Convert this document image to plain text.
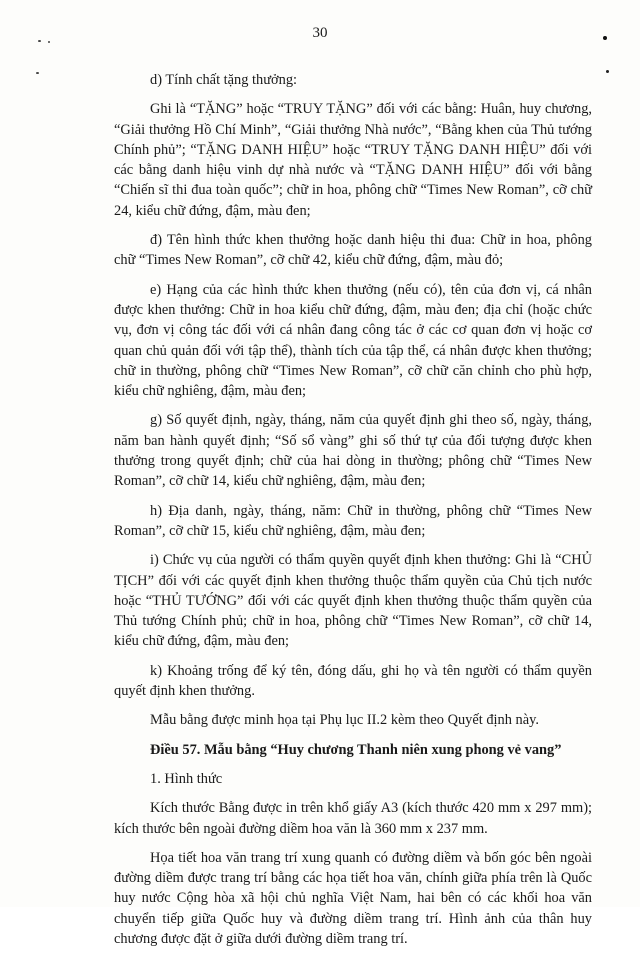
30

d) Tính chất tặng thưởng:

Ghi là “TẶNG” hoặc “TRUY TẶNG” đối với các bằng: Huân, huy chương, “Giải thưởng Hồ Chí Minh”, “Giải thưởng Nhà nước”, “Bằng khen của Thủ tướng Chính phủ”; “TẶNG DANH HIỆU” hoặc “TRUY TẶNG DANH HIỆU” đối với các bằng danh hiệu vinh dự nhà nước và “TẶNG DANH HIỆU” đối với bằng “Chiến sĩ thi đua toàn quốc”; chữ in hoa, phông chữ “Times New Roman”, cỡ chữ 24, kiểu chữ đứng, đậm, màu đen;

đ) Tên hình thức khen thưởng hoặc danh hiệu thi đua: Chữ in hoa, phông chữ “Times New Roman”, cỡ chữ 42, kiểu chữ đứng, đậm, màu đỏ;

e) Hạng của các hình thức khen thưởng (nếu có), tên của đơn vị, cá nhân được khen thưởng: Chữ in hoa kiểu chữ đứng, đậm, màu đen; địa chỉ (hoặc chức vụ, đơn vị công tác đối với cá nhân đang công tác ở các cơ quan đơn vị hoặc cơ quan chủ quản đối với tập thể), thành tích của tập thể, cá nhân được khen thưởng; chữ in thường, phông chữ “Times New Roman”, cỡ chữ căn chỉnh cho phù hợp, kiểu chữ nghiêng, đậm, màu đen;

g) Số quyết định, ngày, tháng, năm của quyết định ghi theo số, ngày, tháng, năm ban hành quyết định; “Số sổ vàng” ghi số thứ tự của đối tượng được khen thưởng trong quyết định; chữ của hai dòng in thường; phông chữ “Times New Roman”, cỡ chữ 14, kiểu chữ nghiêng, đậm, màu đen;

h) Địa danh, ngày, tháng, năm: Chữ in thường, phông chữ “Times New Roman”, cỡ chữ 15, kiểu chữ nghiêng, đậm, màu đen;

i) Chức vụ của người có thẩm quyền quyết định khen thưởng: Ghi là “CHỦ TỊCH” đối với các quyết định khen thưởng thuộc thẩm quyền của Chủ tịch nước hoặc “THỦ TƯỚNG” đối với các quyết định khen thưởng thuộc thẩm quyền của Thủ tướng Chính phủ; chữ in hoa, phông chữ “Times New Roman”, cỡ chữ 14, kiểu chữ đứng, đậm, màu đen;

k) Khoảng trống để ký tên, đóng dấu, ghi họ và tên người có thẩm quyền quyết định khen thưởng.

Mẫu bằng được minh họa tại Phụ lục II.2 kèm theo Quyết định này.

Điều 57. Mẫu bằng “Huy chương Thanh niên xung phong vẻ vang”

1. Hình thức

Kích thước Bằng được in trên khổ giấy A3 (kích thước 420 mm x 297 mm); kích thước bên ngoài đường diềm hoa văn là 360 mm x 237 mm.

Họa tiết hoa văn trang trí xung quanh có đường diềm và bốn góc bên ngoài đường diềm được trang trí bằng các họa tiết hoa văn, chính giữa phía trên là Quốc huy nước Cộng hòa xã hội chủ nghĩa Việt Nam, hai bên có các khối hoa văn chuyển tiếp giữa Quốc huy và đường diềm trang trí. Hình ảnh của thân huy chương được đặt ở giữa dưới đường diềm trang trí.
